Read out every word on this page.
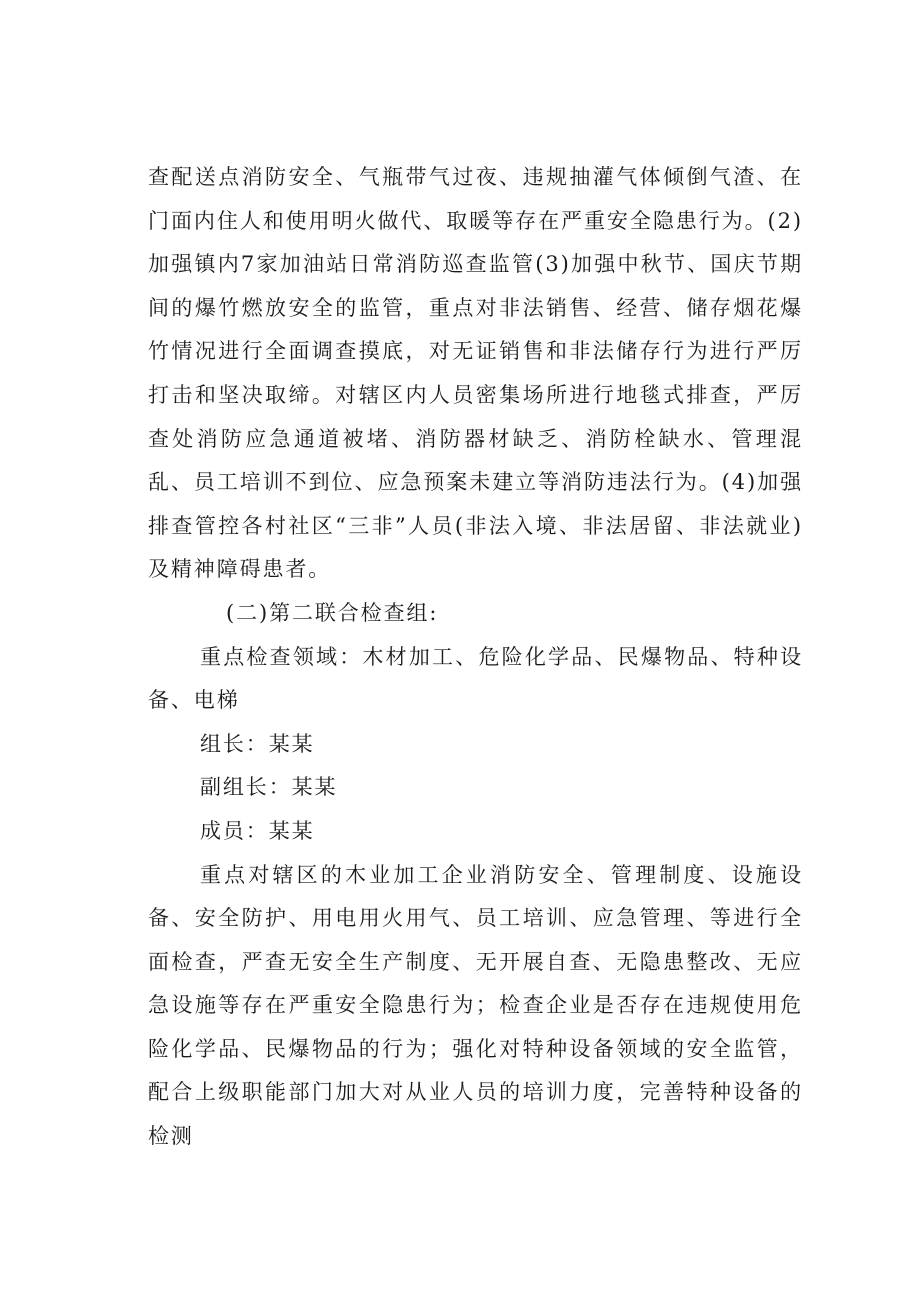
查配送点消防安全、气瓶带气过夜、违规抽灌气体倾倒气渣、在门面内住人和使用明火做代、取暖等存在严重安全隐患行为。(2)加强镇内7家加油站日常消防巡查监管(3)加强中秋节、国庆节期间的爆竹燃放安全的监管，重点对非法销售、经营、储存烟花爆竹情况进行全面调查摸底，对无证销售和非法储存行为进行严厉打击和坚决取缔。对辖区内人员密集场所进行地毯式排查，严厉查处消防应急通道被堵、消防器材缺乏、消防栓缺水、管理混乱、员工培训不到位、应急预案未建立等消防违法行为。(4)加强排查管控各村社区“三非”人员(非法入境、非法居留、非法就业)及精神障碍患者。

(二)第二联合检查组:

重点检查领域：木材加工、危险化学品、民爆物品、特种设备、电梯

组长：某某

副组长：某某

成员：某某

重点对辖区的木业加工企业消防安全、管理制度、设施设备、安全防护、用电用火用气、员工培训、应急管理、等进行全面检查，严查无安全生产制度、无开展自查、无隐患整改、无应急设施等存在严重安全隐患行为；检查企业是否存在违规使用危险化学品、民爆物品的行为；强化对特种设备领域的安全监管，配合上级职能部门加大对从业人员的培训力度，完善特种设备的检测
